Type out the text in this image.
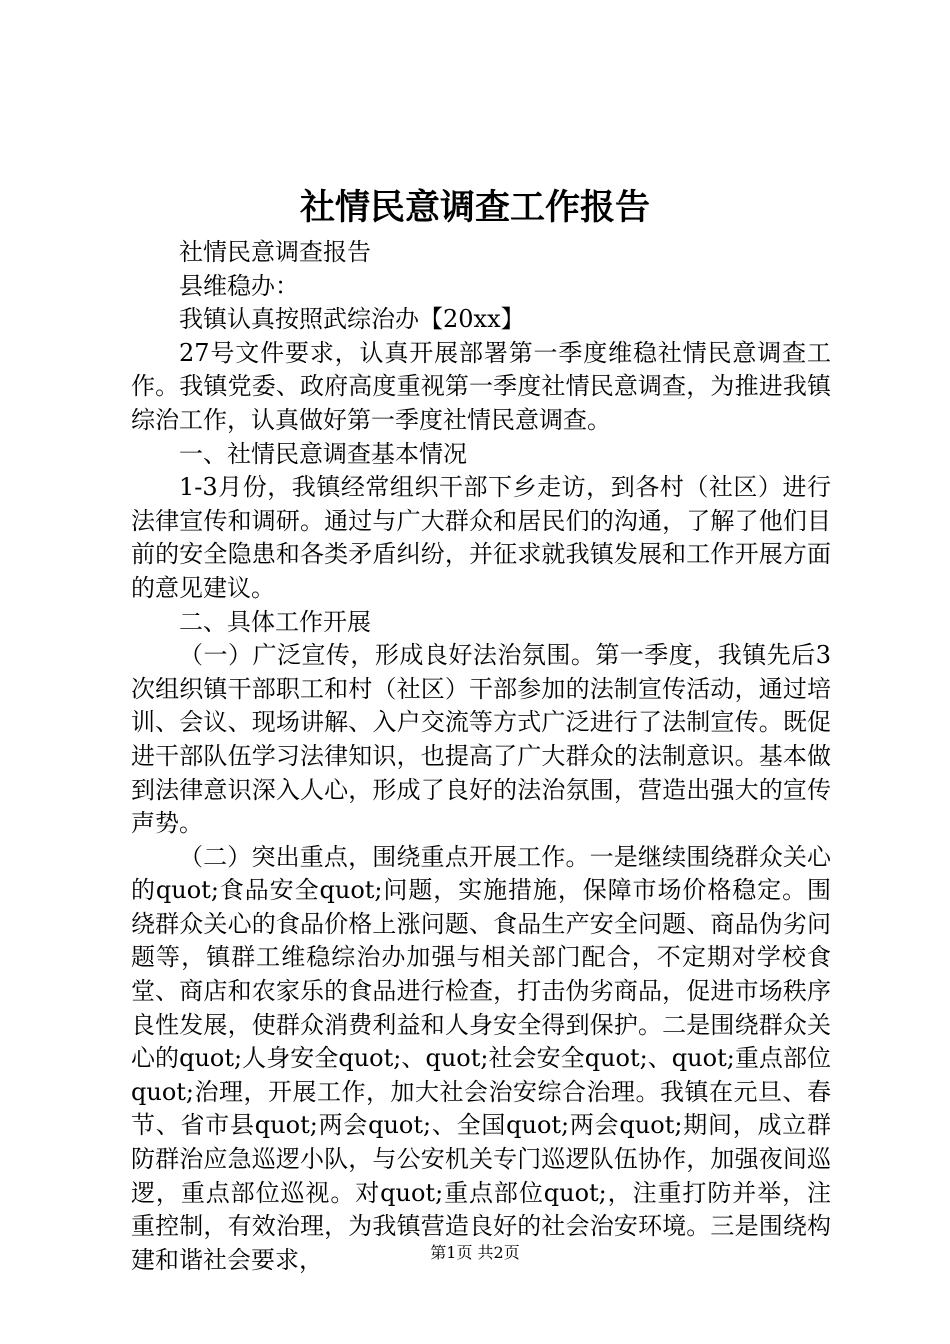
社情民意调查工作报告

社情民意调查报告

县维稳办：

我镇认真按照武综治办【20xx】

27号文件要求，认真开展部署第一季度维稳社情民意调查工作。我镇党委、政府高度重视第一季度社情民意调查，为推进我镇综治工作，认真做好第一季度社情民意调查。

一、社情民意调查基本情况

1-3月份，我镇经常组织干部下乡走访，到各村（社区）进行法律宣传和调研。通过与广大群众和居民们的沟通，了解了他们目前的安全隐患和各类矛盾纠纷，并征求就我镇发展和工作开展方面的意见建议。

二、具体工作开展

（一）广泛宣传，形成良好法治氛围。第一季度，我镇先后3次组织镇干部职工和村（社区）干部参加的法制宣传活动，通过培训、会议、现场讲解、入户交流等方式广泛进行了法制宣传。既促进干部队伍学习法律知识，也提高了广大群众的法制意识。基本做到法律意识深入人心，形成了良好的法治氛围，营造出强大的宣传声势。

（二）突出重点，围绕重点开展工作。一是继续围绕群众关心的quot;食品安全quot;问题，实施措施，保障市场价格稳定。围绕群众关心的食品价格上涨问题、食品生产安全问题、商品伪劣问题等，镇群工维稳综治办加强与相关部门配合，不定期对学校食堂、商店和农家乐的食品进行检查，打击伪劣商品，促进市场秩序良性发展，使群众消费利益和人身安全得到保护。二是围绕群众关心的quot;人身安全quot;、quot;社会安全quot;、quot;重点部位quot;治理，开展工作，加大社会治安综合治理。我镇在元旦、春节、省市县quot;两会quot;、全国quot;两会quot;期间，成立群防群治应急巡逻小队，与公安机关专门巡逻队伍协作，加强夜间巡逻，重点部位巡视。对quot;重点部位quot;，注重打防并举，注重控制，有效治理，为我镇营造良好的社会治安环境。三是围绕构建和谐社会要求，	第1页 共2页
